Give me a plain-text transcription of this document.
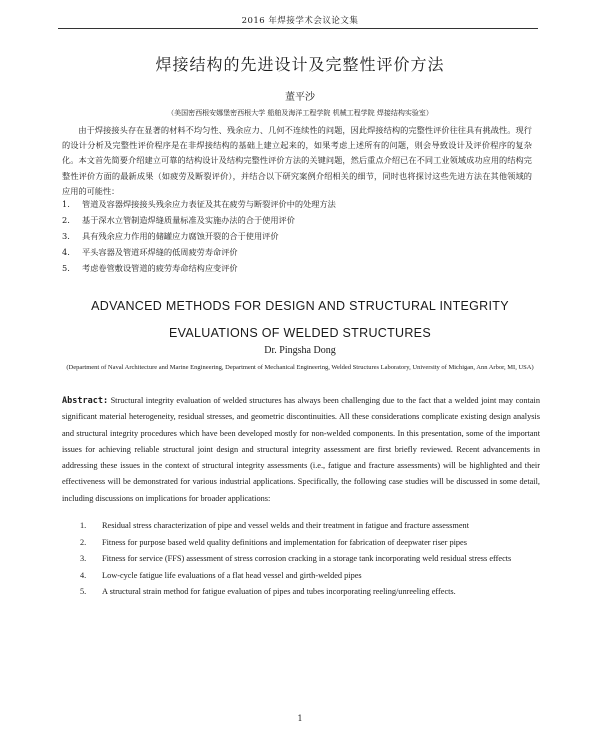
2016 年焊接学术会议论文集
焊接结构的先进设计及完整性评价方法
董平沙
（美国密西根安娜堡密西根大学 船舶及海洋工程学院 机械工程学院 焊接结构实验室）

由于焊接接头存在显著的材料不均匀性、残余应力、几何不连续性的问题，因此焊接结构的完整性评价往往具有挑战性。现行的设计分析及完整性评价程序是在非焊接结构的基础上建立起来的，如果考虑上述所有的问题，则会导致设计及评价程序的复杂化。本文首先简要介绍建立可靠的结构设计及结构完整性评价方法的关键问题，然后重点介绍已在不同工业领域成功应用的结构完整性评价方面的最新成果（如疲劳及断裂评价），并结合以下研究案例介绍相关的细节，同时也将探讨这些先进方法在其他领域的应用的可能性：

1.	管道及容器焊接接头残余应力表征及其在疲劳与断裂评价中的处理方法
2.	基于深水立管制造焊缝质量标准及实施办法的合于使用评价
3.	具有残余应力作用的储罐应力腐蚀开裂的合于使用评价
4.	平头容器及管道环焊缝的低周疲劳寿命评价
5.	考虑卷管敷设管道的疲劳寿命结构应变评价
ADVANCED METHODS FOR DESIGN AND STRUCTURAL INTEGRITY
EVALUATIONS OF WELDED STRUCTURES
Dr. Pingsha Dong
(Department of Naval Architecture and Marine Engineering, Department of Mechanical Engineering, Welded Structures Laboratory, University of Michigan, Ann Arbor, MI, USA)

Abstract: Structural integrity evaluation of welded structures has always been challenging due to the fact that a welded joint may contain significant material heterogeneity, residual stresses, and geometric discontinuities. All these considerations complicate existing design analysis and structural integrity procedures which have been developed mostly for non-welded components. In this presentation, some of the important issues for achieving reliable structural joint design and structural integrity assessment are first briefly reviewed. Recent advancements in addressing these issues in the context of structural integrity assessments (i.e., fatigue and fracture assessments) will be highlighted and their effectiveness will be demonstrated for various industrial applications. Specifically, the following case studies will be discussed in some detail, including discussions on implications for broader applications:

1.	Residual stress characterization of pipe and vessel welds and their treatment in fatigue and fracture assessment
2.	Fitness for purpose based weld quality definitions and implementation for fabrication of deepwater riser pipes
3.	Fitness for service (FFS) assessment of stress corrosion cracking in a storage tank incorporating weld residual stress effects
4.	Low-cycle fatigue life evaluations of a flat head vessel and girth-welded pipes
5.	A structural strain method for fatigue evaluation of pipes and tubes incorporating reeling/unreeling effects.
1
